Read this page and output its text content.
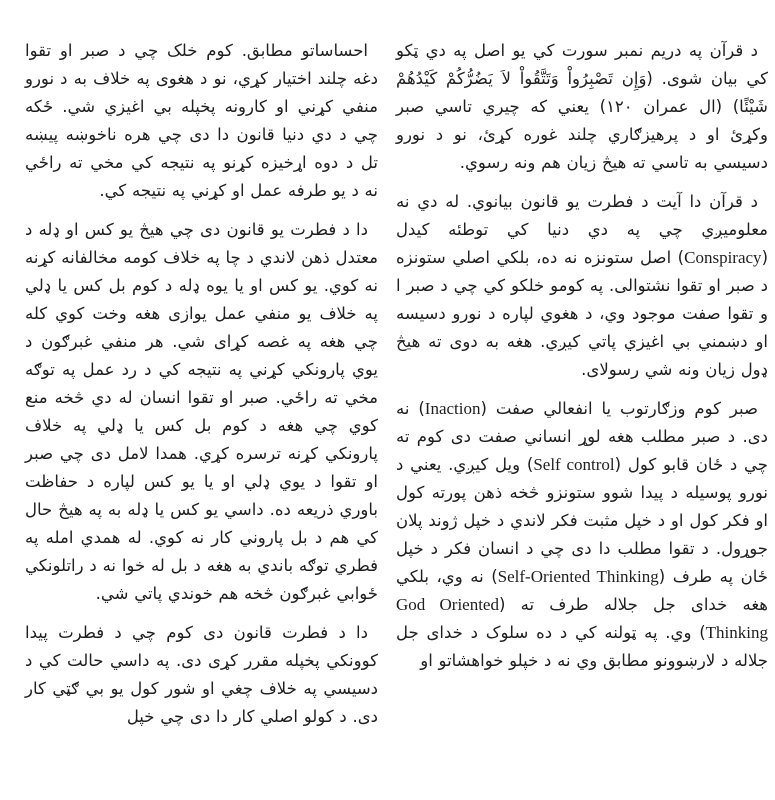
د قرآن په دريم نمبر سورت کي يو اصل په دي ټکو کي بيان شوی. (وَإِن تَصْبِرُواْ وَتَتَّقُواْ لاَ يَضُرُّكُمْ كَيْدُهُمْ شَيْئًا) (ال عمران ۱۲۰) يعني که چيري تاسي صبر وکړئ او د پرهيزګاري چلند غوره کړئ، نو د نورو دسيسي به تاسي ته هيڅ زيان هم ونه رسوي.

د قرآن دا آيت د فطرت يو قانون بيانوي. له دي نه معلوميږي چي په دي دنيا کي توطئه کيدل (Conspiracy) اصل ستونزه نه ده، بلکي اصلي ستونزه د صبر او تقوا نشتوالی. په کومو خلکو کي چي د صبر ا و تقوا صفت موجود وي، د هغوي لپاره د نورو دسيسه او دښمني بي اغيزي پاتي کيږي. هغه به دوی ته هيڅ ډول زيان ونه شي رسولای.

صبر کوم وزګارتوب يا انفعالي صفت (Inaction) نه دی. د صبر مطلب هغه لوړ انساني صفت دی کوم ته چي د ځان قابو کول (Self control) ويل کيږي. يعني د نورو پوسيله د پيدا شوو ستونزو څخه ذهن پورته کول او فکر کول او د خپل مثبت فکر لاندي د خپل ژوند پلان جوړول. د تقوا مطلب دا دی چي د انسان فکر د خپل ځان په طرف (Self-Oriented Thinking) نه وي، بلکي هغه خدای جل جلاله طرف ته (God Oriented Thinking) وي. په ټولنه کي د ده سلوک د خدای جل جلاله د لارښوونو مطابق وي نه د خپلو خواهشاتو او

احساساتو مطابق. کوم خلک چي د صبر او تقوا دغه چلند اختيار کړي، نو د هغوی په خلاف به د نورو منفي کړني او کارونه پخپله بي اغيزي شي. ځکه چي د دي دنيا قانون دا دی چي هره ناخوښه پيښه تل د دوه اړخيزه کړنو په نتيجه کي مخي ته راځي نه د يو طرفه عمل او کړني په نتيجه کي.

دا د فطرت يو قانون دی چي هيڅ يو کس او ډله د معتدل ذهن لاندي د چا په خلاف کومه مخالفانه کړنه نه کوي. يو کس او يا يوه ډله د کوم بل کس يا ډلي په خلاف يو منفي عمل يوازی هغه وخت کوي کله چي هغه په غصه کړای شي. هر منفي غبرګون د يوي پارونکي کړني په نتيجه کي د رد عمل په توګه مخي ته راځي. صبر او تقوا انسان له دي څخه منع کوي چي هغه د کوم بل کس يا ډلي په خلاف پارونکي کړنه ترسره کړي. همدا لامل دی چي صبر او تقوا د يوي ډلي او يا يو کس لپاره د حفاظت باوري ذريعه ده. داسي يو کس يا ډله به په هيڅ حال کي هم د بل پاروني کار نه کوي. له همدي امله په فطري توګه باندي به هغه د بل له خوا نه د راتلونکي ځوابي غبرګون څخه هم خوندي پاتي شي.

دا د فطرت قانون دی کوم چي د فطرت پيدا کوونکي پخپله مقرر کړی دی. په داسي حالت کي د دسيسي په خلاف چغي او شور کول يو بي ګټي کار دی. د کولو اصلي کار دا دی چي خپل
